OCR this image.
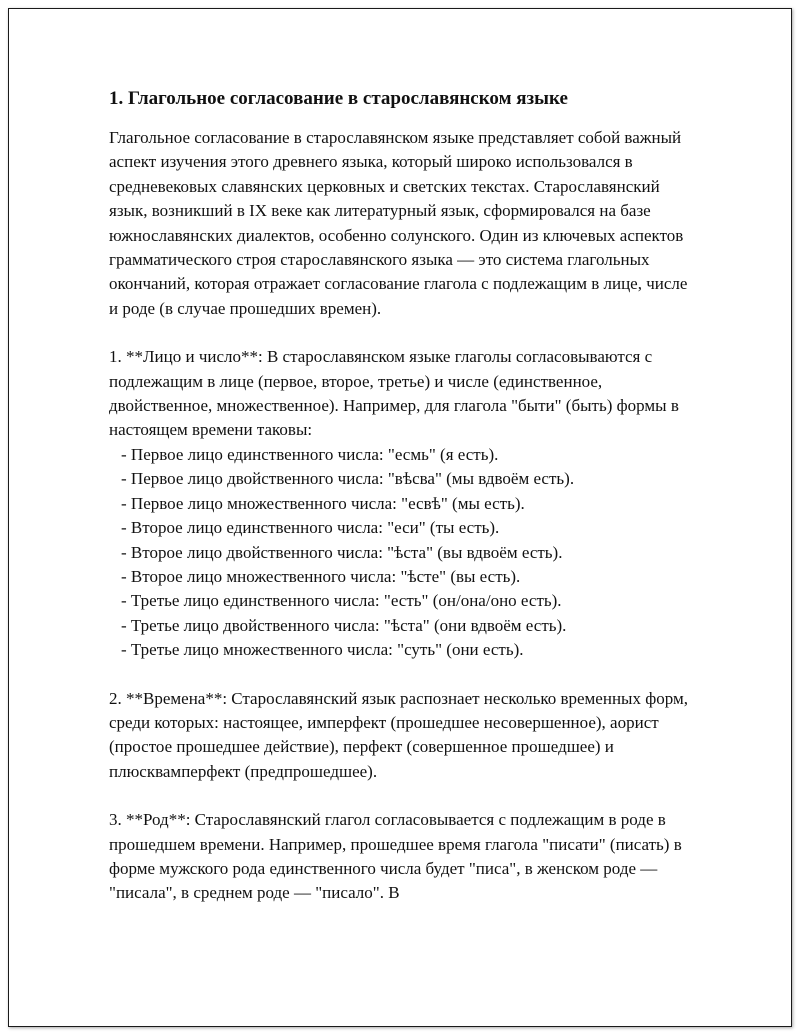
1. Глагольное согласование в старославянском языке

Глагольное согласование в старославянском языке представляет собой важный аспект изучения этого древнего языка, который широко использовался в средневековых славянских церковных и светских текстах. Старославянский язык, возникший в IX веке как литературный язык, сформировался на базе южнославянских диалектов, особенно солунского. Один из ключевых аспектов грамматического строя старославянского языка — это система глагольных окончаний, которая отражает согласование глагола с подлежащим в лице, числе и роде (в случае прошедших времен).

1. **Лицо и число**: В старославянском языке глаголы согласовываются с подлежащим в лице (первое, второе, третье) и числе (единственное, двойственное, множественное). Например, для глагола "быти" (быть) формы в настоящем времени таковы:

- Первое лицо единственного числа: "есмь" (я есть).
- Первое лицо двойственного числа: "вѣсва" (мы вдвоём есть).
- Первое лицо множественного числа: "есвѣ" (мы есть).
- Второе лицо единственного числа: "еси" (ты есть).
- Второе лицо двойственного числа: "ѣста" (вы вдвоём есть).
- Второе лицо множественного числа: "ѣсте" (вы есть).
- Третье лицо единственного числа: "есть" (он/она/оно есть).
- Третье лицо двойственного числа: "ѣста" (они вдвоём есть).
- Третье лицо множественного числа: "суть" (они есть).

2. **Времена**: Старославянский язык распознает несколько временных форм, среди которых: настоящее, имперфект (прошедшее несовершенное), аорист (простое прошедшее действие), перфект (совершенное прошедшее) и плюсквамперфект (предпрошедшее).

3. **Род**: Старославянский глагол согласовывается с подлежащим в роде в прошедшем времени. Например, прошедшее время глагола "писати" (писать) в форме мужского рода единственного числа будет "писа", в женском роде — "писала", в среднем роде — "писало". В
